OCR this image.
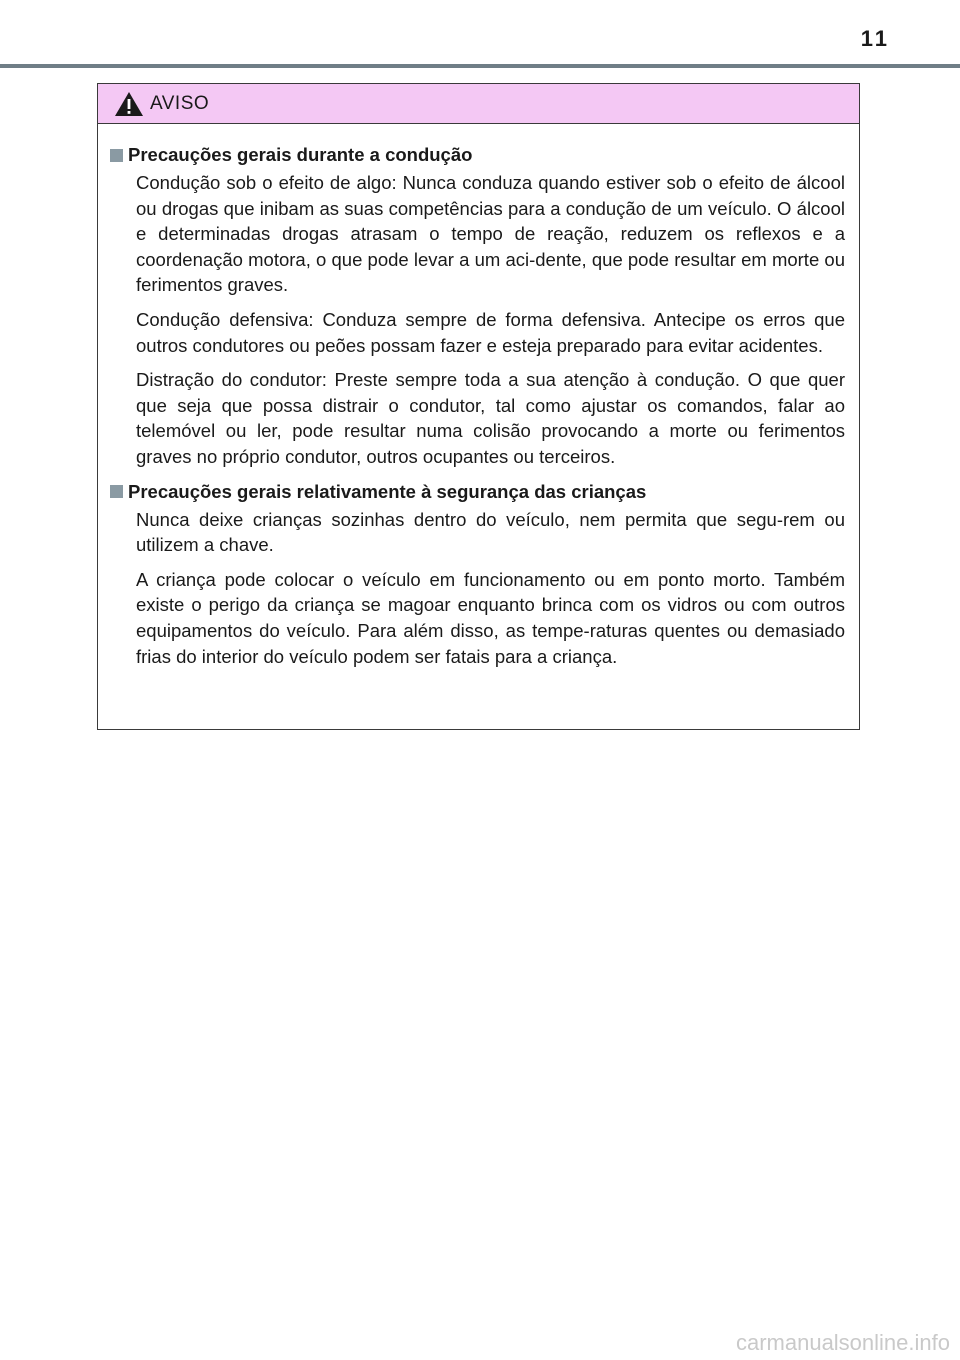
11
AVISO
Precauções gerais durante a condução

Condução sob o efeito de algo: Nunca conduza quando estiver sob o efeito de álcool ou drogas que inibam as suas competências para a condução de um veículo. O álcool e determinadas drogas atrasam o tempo de reação, reduzem os reflexos e a coordenação motora, o que pode levar a um aci-dente, que pode resultar em morte ou ferimentos graves.

Condução defensiva: Conduza sempre de forma defensiva. Antecipe os erros que outros condutores ou peões possam fazer e esteja preparado para evitar acidentes.

Distração do condutor: Preste sempre toda a sua atenção à condução. O que quer que seja que possa distrair o condutor, tal como ajustar os comandos, falar ao telemóvel ou ler, pode resultar numa colisão provocando a morte ou ferimentos graves no próprio condutor, outros ocupantes ou terceiros.

Precauções gerais relativamente à segurança das crianças

Nunca deixe crianças sozinhas dentro do veículo, nem permita que segu-rem ou utilizem a chave.

A criança pode colocar o veículo em funcionamento ou em ponto morto. Também existe o perigo da criança se magoar enquanto brinca com os vidros ou com outros equipamentos do veículo. Para além disso, as tempe-raturas quentes ou demasiado frias do interior do veículo podem ser fatais para a criança.

carmanualsonline.info
